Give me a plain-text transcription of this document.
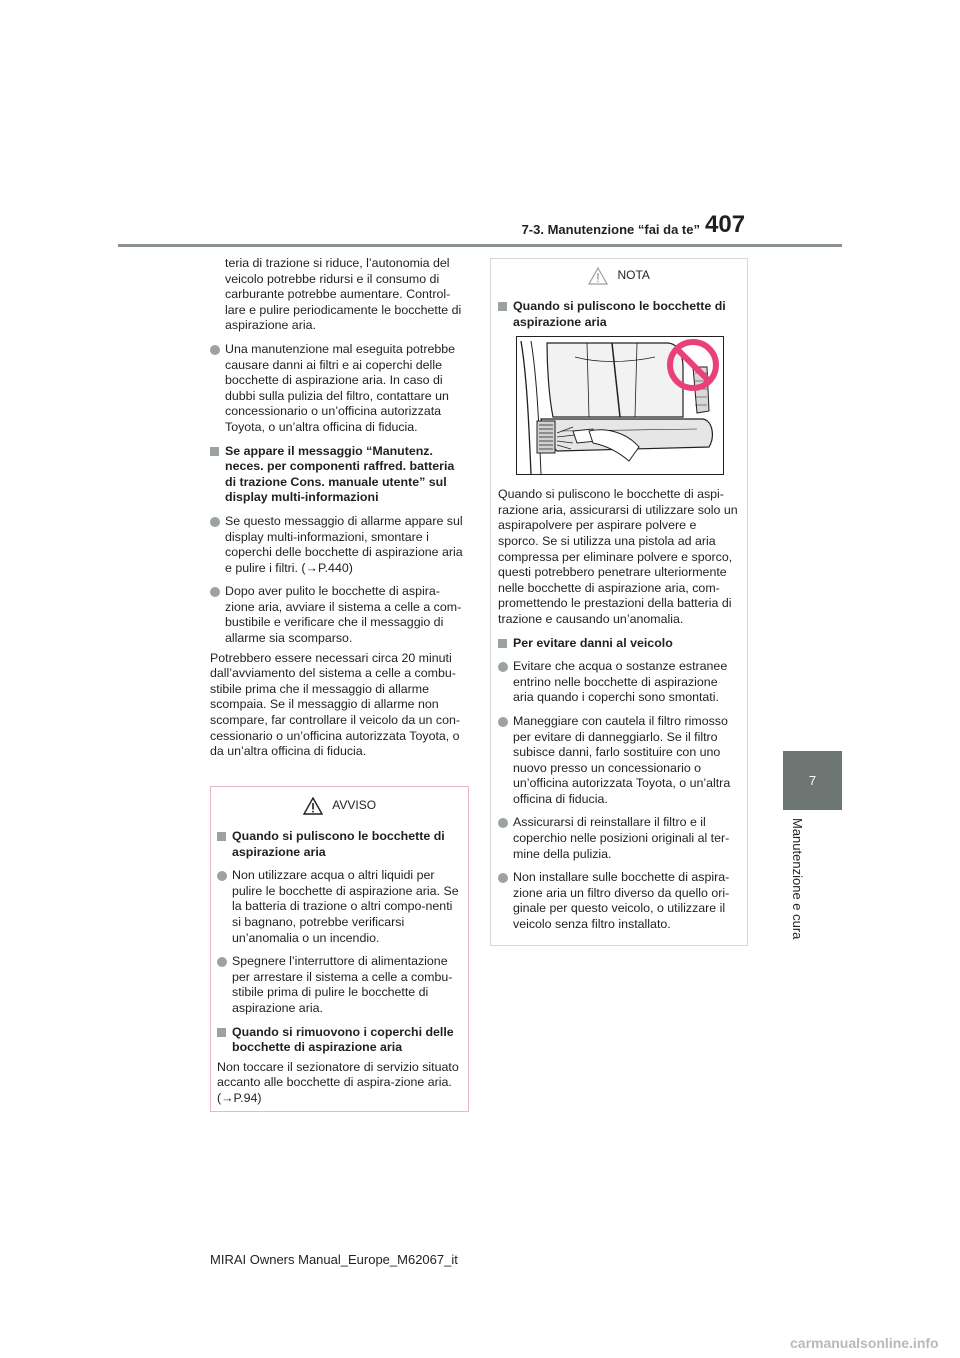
7-3. Manutenzione “fai da te” 407
7
Manutenzione e cura

teria di trazione si riduce, l’autonomia del veicolo potrebbe ridursi e il consumo di carburante potrebbe aumentare. Control-lare e pulire periodicamente le bocchette di aspirazione aria.

Una manutenzione mal eseguita potrebbe causare danni ai filtri e ai coperchi delle bocchette di aspirazione aria. In caso di dubbi sulla pulizia del filtro, contattare un concessionario o un’officina autorizzata Toyota, o un’altra officina di fiducia.
Se appare il messaggio “Manutenz. neces. per componenti raffred. batteria di trazione Cons. manuale utente” sul display multi-informazioni
Se questo messaggio di allarme appare sul display multi-informazioni, smontare i coperchi delle bocchette di aspirazione aria e pulire i filtri. (→P.440)
Dopo aver pulito le bocchette di aspira-zione aria, avviare il sistema a celle a com-bustibile e verificare che il messaggio di allarme sia scomparso.

Potrebbero essere necessari circa 20 minuti dall’avviamento del sistema a celle a combu-stibile prima che il messaggio di allarme scompaia. Se il messaggio di allarme non scompare, far controllare il veicolo da un con-cessionario o un’officina autorizzata Toyota, o da un’altra officina di fiducia.

AVVISO
Quando si puliscono le bocchette di aspirazione aria
Non utilizzare acqua o altri liquidi per pulire le bocchette di aspirazione aria. Se la batteria di trazione o altri compo-nenti si bagnano, potrebbe verificarsi un’anomalia o un incendio.
Spegnere l’interruttore di alimentazione per arrestare il sistema a celle a combu-stibile prima di pulire le bocchette di aspirazione aria.
Quando si rimuovono i coperchi delle bocchette di aspirazione aria

Non toccare il sezionatore di servizio situato accanto alle bocchette di aspira-zione aria. (→P.94)

NOTA
Quando si puliscono le bocchette di aspirazione aria

Quando si puliscono le bocchette di aspi-razione aria, assicurarsi di utilizzare solo un aspirapolvere per aspirare polvere e sporco. Se si utilizza una pistola ad aria compressa per eliminare polvere e sporco, questi potrebbero penetrare ulteriormente nelle bocchette di aspirazione aria, com-promettendo le prestazioni della batteria di trazione e causando un’anomalia.

Per evitare danni al veicolo
Evitare che acqua o sostanze estranee entrino nelle bocchette di aspirazione aria quando i coperchi sono smontati.
Maneggiare con cautela il filtro rimosso per evitare di danneggiarlo. Se il filtro subisce danni, farlo sostituire con uno nuovo presso un concessionario o un’officina autorizzata Toyota, o un’altra officina di fiducia.
Assicurarsi di reinstallare il filtro e il coperchio nelle posizioni originali al ter-mine della pulizia.
Non installare sulle bocchette di aspira-zione aria un filtro diverso da quello ori-ginale per questo veicolo, o utilizzare il veicolo senza filtro installato.
MIRAI Owners Manual_Europe_M62067_it
carmanualsonline.info
